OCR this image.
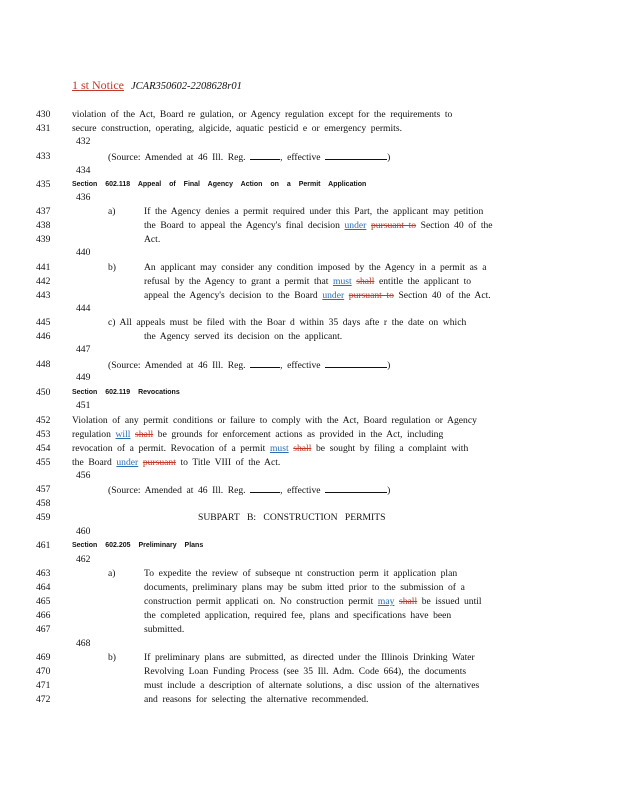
1 st Notice JCAR350602-2208628r01
430	violation of the Act, Board re gulation, or Agency regulation except for the requirements to
431	secure construction, operating, algicide, aquatic pesticid e or emergency permits.
432
433	(Source: Amended at 46 Ill. Reg.	, effective	)
434
435	Section 602.118 Appeal of Final Agency Action on a Permit Application
436
437	a)	If the Agency denies a permit required under this Part, the applicant may petition
438	the Board to appeal the Agency's final decision under pursuant to Section 40 of the
439	Act.
440
441	b)	An applicant may consider any condition imposed by the Agency in a permit as a
442	refusal by the Agency to grant a permit that must shall entitle the applicant to
443	appeal the Agency's decision to the Board under pursuant to Section 40 of the Act.
444
445	c) All appeals must be filed with the Boar d within 35 days afte r the date on which
446	the Agency served its decision on the applicant.
447
448	(Source: Amended at 46 Ill. Reg.	, effective	)
449
450	Section 602.119 Revocations
451
452	Violation of any permit conditions or failure to comply with the Act, Board regulation or Agency
453	regulation will shall be grounds for enforcement actions as provided in the Act, including
454	revocation of a permit. Revocation of a permit must shall be sought by filing a complaint with
455	the Board under pursuant to Title VIII of the Act.
456
457	(Source: Amended at 46 Ill. Reg.	, effective	)
458
459	SUBPART B: CONSTRUCTION PERMITS
460
461	Section 602.205 Preliminary Plans
462
463	a)	To expedite the review of subseque nt construction perm it application plan
464	documents, preliminary plans may be subm itted prior to the submission of a
465	construction permit applicati on. No construction permit may shall be issued until
466	the completed application, required fee, plans and specifications have been
467	submitted.
468
469	b)	If preliminary plans are submitted, as directed under the Illinois Drinking Water
470	Revolving Loan Funding Process (see 35 Ill. Adm. Code 664), the documents
471	must include a description of alternate solutions, a disc ussion of the alternatives
472	and reasons for selecting the alternative recommended.
